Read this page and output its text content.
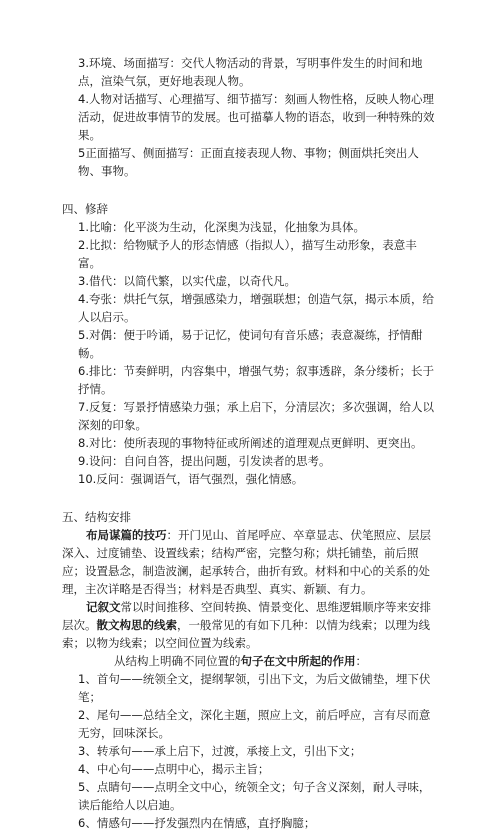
3.环境、场面描写：交代人物活动的背景，写明事件发生的时间和地点，渲染气氛，更好地表现人物。

4.人物对话描写、心理描写、细节描写：刻画人物性格，反映人物心理活动，促进故事情节的发展。也可描摹人物的语态，收到一种特殊的效果。

5正面描写、侧面描写：正面直接表现人物、事物；侧面烘托突出人物、事物。

四、修辞

1.比喻：化平淡为生动，化深奥为浅显，化抽象为具体。

2.比拟：给物赋予人的形态情感（指拟人），描写生动形象，表意丰富。

3.借代：以简代繁，以实代虚，以奇代凡。

4.夸张：烘托气氛，增强感染力，增强联想；创造气氛，揭示本质，给人以启示。

5.对偶：便于吟诵，易于记忆，使词句有音乐感；表意凝练，抒情酣畅。

6.排比：节奏鲜明，内容集中，增强气势；叙事透辟，条分缕析；长于抒情。

7.反复：写景抒情感染力强；承上启下，分清层次；多次强调，给人以深刻的印象。

8.对比：使所表现的事物特征或所阐述的道理观点更鲜明、更突出。

9.设问：自问自答，提出问题，引发读者的思考。

10.反问：强调语气，语气强烈，强化情感。

五、结构安排

布局谋篇的技巧：开门见山、首尾呼应、卒章显志、伏笔照应、层层深入、过度铺垫、设置线索；结构严密，完整匀称；烘托铺垫，前后照应；设置悬念，制造波澜，起承转合，曲折有致。材料和中心的关系的处理，主次详略是否得当；材料是否典型、真实、新颖、有力。

记叙文常以时间推移、空间转换、情景变化、思维逻辑顺序等来安排层次。散文构思的线索，一般常见的有如下几种：以情为线索；以理为线索；以物为线索；以空间位置为线索。

从结构上明确不同位置的句子在文中所起的作用：

1、首句——统领全文，提纲挈领，引出下文，为后文做铺垫，埋下伏笔；

2、尾句——总结全文，深化主题，照应上文，前后呼应，言有尽而意无穷，回味深长。

3、转承句——承上启下，过渡，承接上文，引出下文；

4、中心句——点明中心，揭示主旨；

5、点睛句——点明全文中心，统领全文；句子含义深刻，耐人寻味，读后能给人以启迪。

6、情感句——抒发强烈内在情感，直抒胸臆；
